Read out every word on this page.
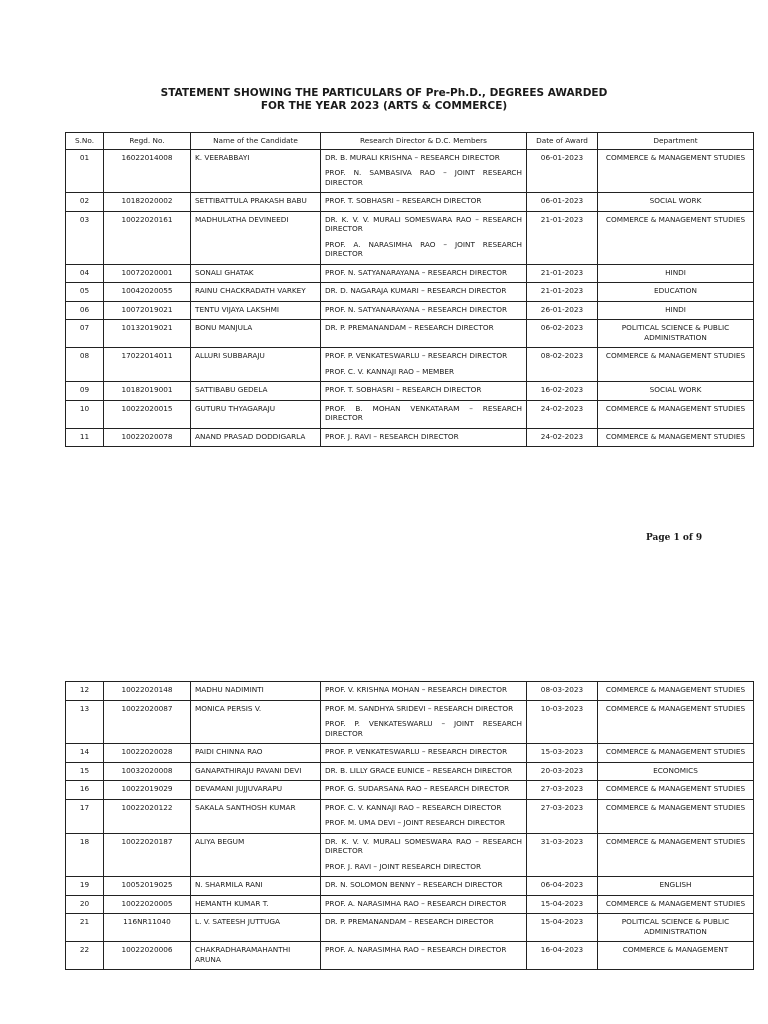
STATEMENT SHOWING THE PARTICULARS OF Pre-Ph.D., DEGREES AWARDED
FOR THE YEAR 2023 (ARTS & COMMERCE)
S.No.	Regd. No.	Name of the Candidate	Research Director & D.C. Members	Date of Award	Department
01	16022014008	K. VEERABBAYI	DR. B. MURALI KRISHNA – RESEARCH DIRECTOR
PROF. N. SAMBASIVA RAO – JOINT RESEARCH DIRECTOR	06-01-2023	COMMERCE & MANAGEMENT STUDIES
02	10182020002	SETTIBATTULA PRAKASH BABU	PROF. T. SOBHASRI – RESEARCH DIRECTOR	06-01-2023	SOCIAL WORK
03	10022020161	MADHULATHA DEVINEEDI	DR. K. V. V. MURALI SOMESWARA RAO – RESEARCH DIRECTOR
PROF. A. NARASIMHA RAO – JOINT RESEARCH DIRECTOR	21-01-2023	COMMERCE & MANAGEMENT STUDIES
04	10072020001	SONALI GHATAK	PROF. N. SATYANARAYANA – RESEARCH DIRECTOR	21-01-2023	HINDI
05	10042020055	RAINU CHACKRADATH VARKEY	DR. D. NAGARAJA KUMARI – RESEARCH DIRECTOR	21-01-2023	EDUCATION
06	10072019021	TENTU VIJAYA LAKSHMI	PROF. N. SATYANARAYANA – RESEARCH DIRECTOR	26-01-2023	HINDI
07	10132019021	BONU MANJULA	DR. P. PREMANANDAM – RESEARCH DIRECTOR	06-02-2023	POLITICAL SCIENCE & PUBLIC ADMINISTRATION
08	17022014011	ALLURI SUBBARAJU	PROF. P. VENKATESWARLU – RESEARCH DIRECTOR
PROF. C. V. KANNAJI RAO – MEMBER	08-02-2023	COMMERCE & MANAGEMENT STUDIES
09	10182019001	SATTIBABU GEDELA	PROF. T. SOBHASRI – RESEARCH DIRECTOR	16-02-2023	SOCIAL WORK
10	10022020015	GUTURU THYAGARAJU	PROF. B. MOHAN VENKATARAM – RESEARCH DIRECTOR	24-02-2023	COMMERCE & MANAGEMENT STUDIES
11	10022020078	ANAND PRASAD DODDIGARLA	PROF. J. RAVI – RESEARCH DIRECTOR	24-02-2023	COMMERCE & MANAGEMENT STUDIES
Page 1 of 9
12	10022020148	MADHU NADIMINTI	PROF. V. KRISHNA MOHAN – RESEARCH DIRECTOR	08-03-2023	COMMERCE & MANAGEMENT STUDIES
13	10022020087	MONICA PERSIS V.	PROF. M. SANDHYA SRIDEVI – RESEARCH DIRECTOR
PROF. P. VENKATESWARLU – JOINT RESEARCH DIRECTOR	10-03-2023	COMMERCE & MANAGEMENT STUDIES
14	10022020028	PAIDI CHINNA RAO	PROF. P. VENKATESWARLU – RESEARCH DIRECTOR	15-03-2023	COMMERCE & MANAGEMENT STUDIES
15	10032020008	GANAPATHIRAJU PAVANI DEVI	DR. B. LILLY GRACE EUNICE – RESEARCH DIRECTOR	20-03-2023	ECONOMICS
16	10022019029	DEVAMANI JUJJUVARAPU	PROF. G. SUDARSANA RAO – RESEARCH DIRECTOR	27-03-2023	COMMERCE & MANAGEMENT STUDIES
17	10022020122	SAKALA SANTHOSH KUMAR	PROF. C. V. KANNAJI RAO – RESEARCH DIRECTOR
PROF. M. UMA DEVI – JOINT RESEARCH DIRECTOR	27-03-2023	COMMERCE & MANAGEMENT STUDIES
18	10022020187	ALIYA BEGUM	DR. K. V. V. MURALI SOMESWARA RAO – RESEARCH DIRECTOR
PROF. J. RAVI – JOINT RESEARCH DIRECTOR	31-03-2023	COMMERCE & MANAGEMENT STUDIES
19	10052019025	N. SHARMILA RANI	DR. N. SOLOMON BENNY – RESEARCH DIRECTOR	06-04-2023	ENGLISH
20	10022020005	HEMANTH KUMAR T.	PROF. A. NARASIMHA RAO – RESEARCH DIRECTOR	15-04-2023	COMMERCE & MANAGEMENT STUDIES
21	116NR11040	L. V. SATEESH JUTTUGA	DR. P. PREMANANDAM – RESEARCH DIRECTOR	15-04-2023	POLITICAL SCIENCE & PUBLIC ADMINISTRATION
22	10022020006	CHAKRADHARAMAHANTHI ARUNA	PROF. A. NARASIMHA RAO – RESEARCH DIRECTOR	16-04-2023	COMMERCE & MANAGEMENT
